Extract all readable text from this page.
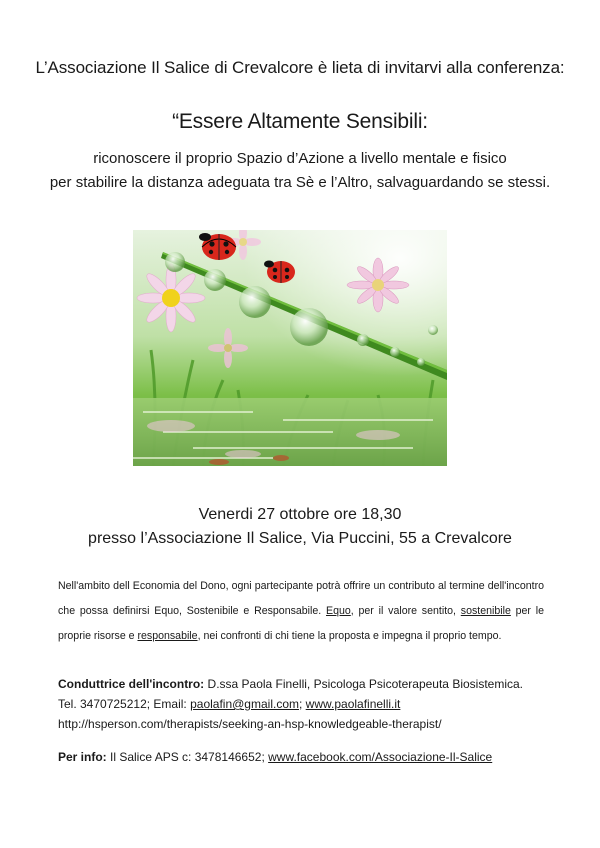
L’Associazione Il Salice di Crevalcore è lieta di invitarvi alla conferenza:
“Essere Altamente Sensibili:
riconoscere il proprio Spazio d’Azione a livello mentale e fisico
per stabilire la distanza adeguata tra Sè e l’Altro, salvaguardando se stessi.
Venerdi 27 ottobre ore 18,30
presso l’Associazione Il Salice, Via Puccini, 55 a Crevalcore
Nell'ambito dell Economia del Dono, ogni partecipante potrà offrire un contributo al termine dell'incontro che possa definirsi Equo, Sostenibile e Responsabile. Equo, per il valore sentito, sostenibile per le proprie risorse e responsabile, nei confronti di chi tiene la proposta e impegna il proprio tempo.
Conduttrice dell'incontro: D.ssa Paola Finelli, Psicologa Psicoterapeuta Biosistemica.
Tel. 3470725212; Email: paolafin@gmail.com; www.paolafinelli.it
http://hsperson.com/therapists/seeking-an-hsp-knowledgeable-therapist/
Per info: Il Salice APS c: 3478146652; www.facebook.com/Associazione-Il-Salice
